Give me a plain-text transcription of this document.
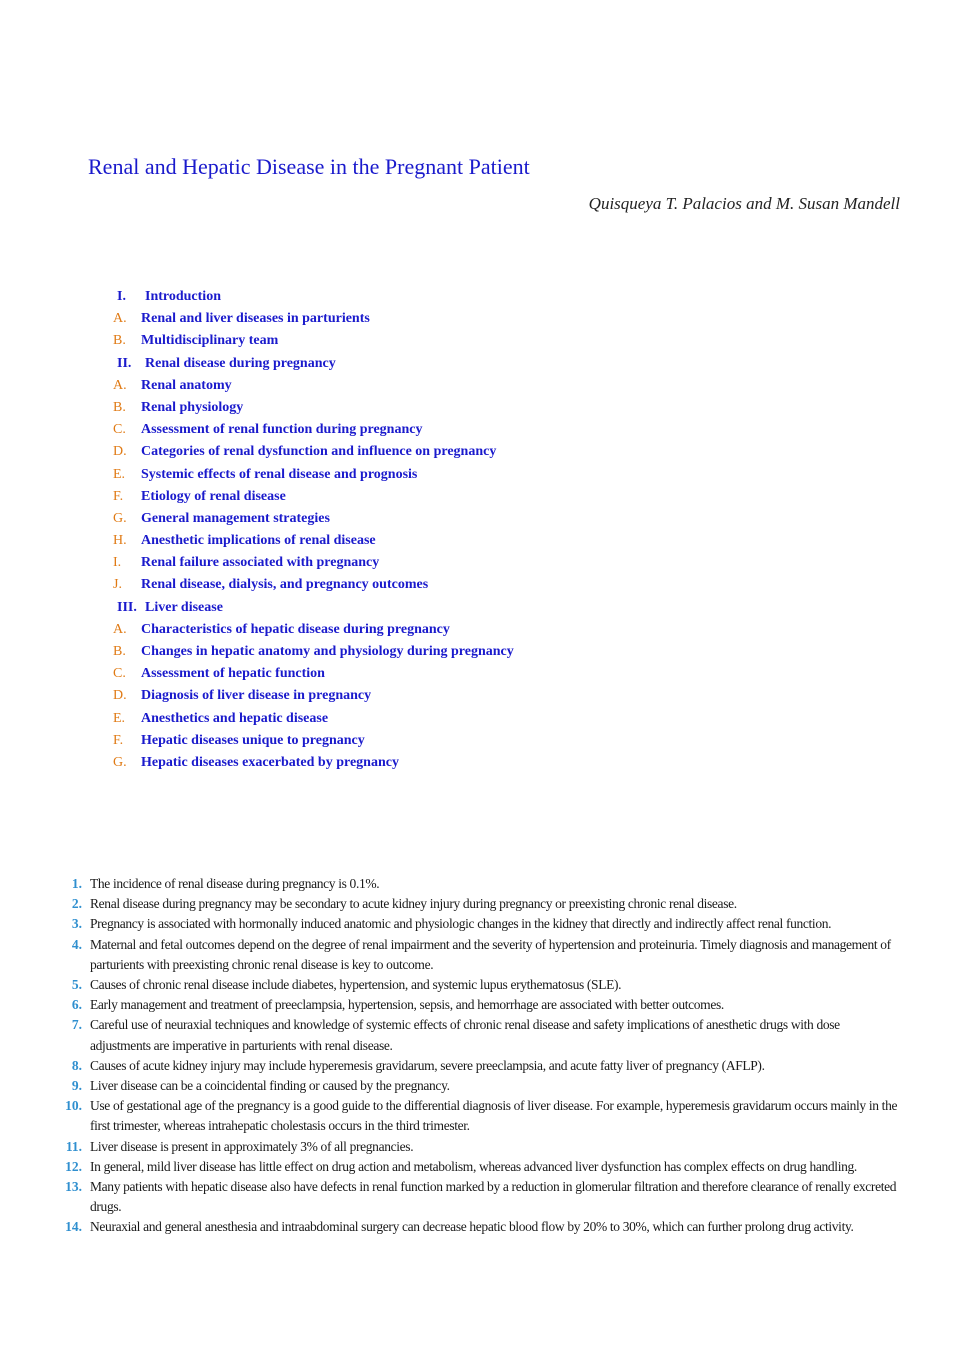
Renal and Hepatic Disease in the Pregnant Patient

Quisqueya T. Palacios and M. Susan Mandell

I. Introduction
A. Renal and liver diseases in parturients
B. Multidisciplinary team
II. Renal disease during pregnancy
A. Renal anatomy
B. Renal physiology
C. Assessment of renal function during pregnancy
D. Categories of renal dysfunction and influence on pregnancy
E. Systemic effects of renal disease and prognosis
F. Etiology of renal disease
G. General management strategies
H. Anesthetic implications of renal disease
I. Renal failure associated with pregnancy
J. Renal disease, dialysis, and pregnancy outcomes
III. Liver disease
A. Characteristics of hepatic disease during pregnancy
B. Changes in hepatic anatomy and physiology during pregnancy
C. Assessment of hepatic function
D. Diagnosis of liver disease in pregnancy
E. Anesthetics and hepatic disease
F. Hepatic diseases unique to pregnancy
G. Hepatic diseases exacerbated by pregnancy
1. The incidence of renal disease during pregnancy is 0.1%.
2. Renal disease during pregnancy may be secondary to acute kidney injury during pregnancy or preexisting chronic renal disease.
3. Pregnancy is associated with hormonally induced anatomic and physiologic changes in the kidney that directly and indirectly affect renal function.
4. Maternal and fetal outcomes depend on the degree of renal impairment and the severity of hypertension and proteinuria. Timely diagnosis and management of parturients with preexisting chronic renal disease is key to outcome.
5. Causes of chronic renal disease include diabetes, hypertension, and systemic lupus erythematosus (SLE).
6. Early management and treatment of preeclampsia, hypertension, sepsis, and hemorrhage are associated with better outcomes.
7. Careful use of neuraxial techniques and knowledge of systemic effects of chronic renal disease and safety implications of anesthetic drugs with dose adjustments are imperative in parturients with renal disease.
8. Causes of acute kidney injury may include hyperemesis gravidarum, severe preeclampsia, and acute fatty liver of pregnancy (AFLP).
9. Liver disease can be a coincidental finding or caused by the pregnancy.
10. Use of gestational age of the pregnancy is a good guide to the differential diagnosis of liver disease. For example, hyperemesis gravidarum occurs mainly in the first trimester, whereas intrahepatic cholestasis occurs in the third trimester.
11. Liver disease is present in approximately 3% of all pregnancies.
12. In general, mild liver disease has little effect on drug action and metabolism, whereas advanced liver dysfunction has complex effects on drug handling.
13. Many patients with hepatic disease also have defects in renal function marked by a reduction in glomerular filtration and therefore clearance of renally excreted drugs.
14. Neuraxial and general anesthesia and intraabdominal surgery can decrease hepatic blood flow by 20% to 30%, which can further prolong drug activity.
